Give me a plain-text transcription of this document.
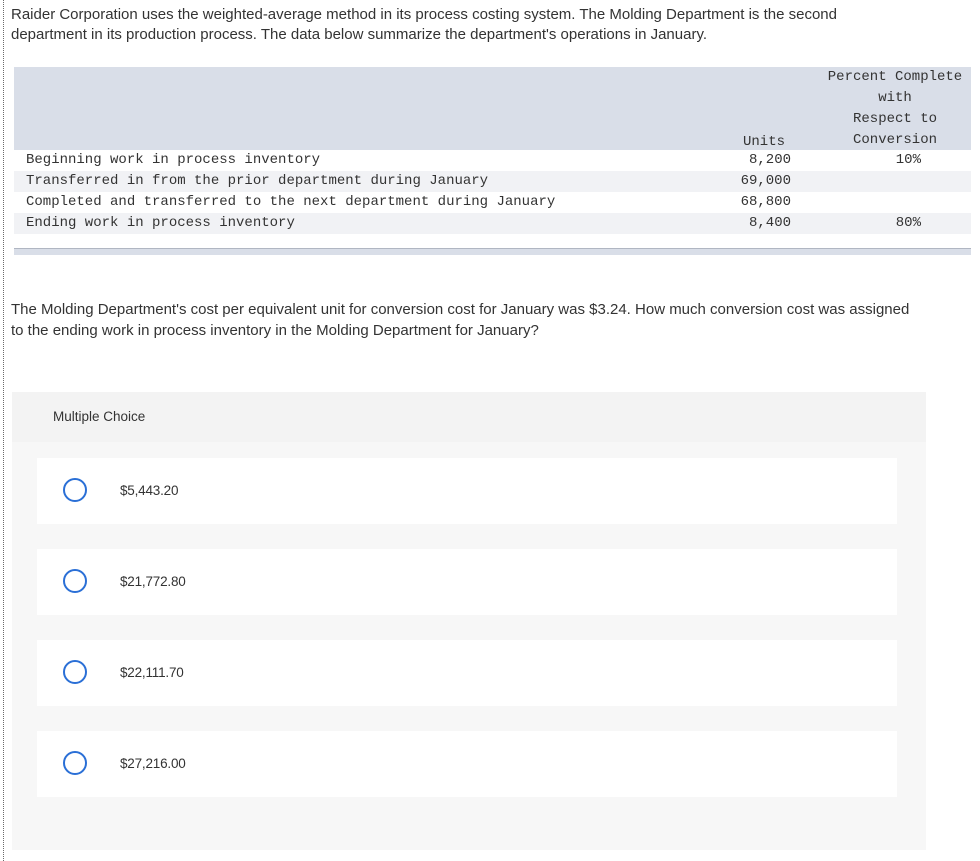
Raider Corporation uses the weighted-average method in its process costing system. The Molding Department is the second department in its production process. The data below summarize the department's operations in January.
Percent Complete
with
Respect to
Conversion
Units
Beginning work in process inventory	8,200	10%
Transferred in from the prior department during January	69,000
Completed and transferred to the next department during January	68,800
Ending work in process inventory	8,400	80%
The Molding Department's cost per equivalent unit for conversion cost for January was $3.24. How much conversion cost was assigned to the ending work in process inventory in the Molding Department for January?
Multiple Choice
$5,443.20
$21,772.80
$22,111.70
$27,216.00
